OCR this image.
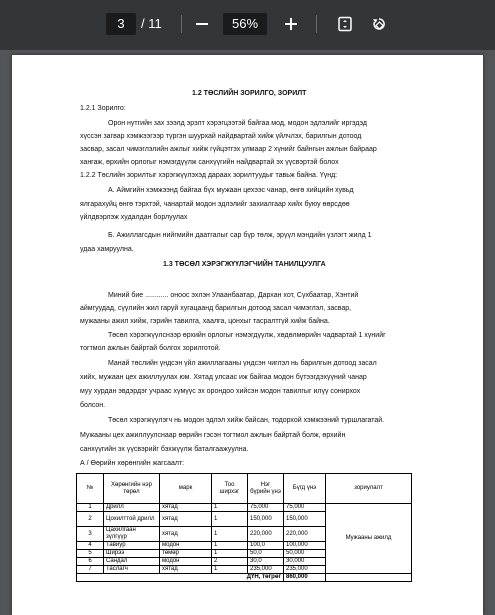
3	/ 11	56%
1.2 ТӨСЛИЙН ЗОРИЛГО, ЗОРИЛТ
1.2.1 Зорилго:
Орон нутгийн зах зээлд эрэлт хэрэгцээтэй байгаа мод, модон эдлэлийг иргэдэд
хүссэн загвар хэмжээгээр түргэн шуурхай найдвартай хийж үйлчлэх, барилгын дотоод
засвар, засал чимэглэлийн ажлыг хийж гүйцэтгэх улмаар 2 хүнийг байнгын ажлын байраар
хангаж, өрхийн орлогыг нэмэгдүүлж санхүүгийн найдвартай эх үүсвэртэй болох
1.2.2 Төслийн зорилтыг хэрэгжүүлэхэд дараах зорилтуудыг тавьж байна. Үүнд:
А. Аймгийн хэмжээнд байгаа бүх мужаан цехээс чанар, өнгө хийцийн хувьд
ялгарахуйц өнгө тэрхтэй, чанартай модон эдлэлийг захиалгаар хийх буюу өөрсдөө
үйлдвэрлэж худалдан борлуулах
Б. Ажиллагсдын нийгмийн даатгалыг сар бүр төлж, эрүүл мэндийн үзлэгт жилд 1
удаа хамруулна.
1.3 ТӨСӨЛ ХЭРЭГЖҮҮЛЭГЧИЙН ТАНИЛЦУУЛГА
Миний бие ............ оноос эхлэн Улаанбаатар, Дархан хот, Сүхбаатар, Хэнтий
аймгуудад, сүүлийн жил гаруй хугацаанд барилгын дотоод засал чимэглэл, засвар,
мужааны ажил хийж, гэрийн тавилга, хаалга, цонхыг тасралтгүй хийж байна.
Төсөл хэрэгжүүлснээр өрхийн орлогыг нэмэгдүүлж, хөдөлмөрийн чадвартай 1 хүнийг
тогтмол ажлын байртай болгох зорилготой.
Манай төслийн үндсэн үйл ажиллагааны үндсэн чиглэл нь барилгын дотоод засал
хийх, мужаан цех ажиллуулах юм. Хятад улсаас иж байгаа модон бүтээгдэхүүний чанар
муу хурдан эвдэрдэг учраас хүмүүс эх орондоо хийсэн модон тавилгыг илүү сонирхох
болсон.
Төсөл хэрэгжүүлэгч нь модон эдлэл хийж байсан, тодорхой хэмжээний туршлагатай.
Мужааны цех ажиллуулснаар өөрийн гэсэн тогтмол ажлын байртай болж, өрхийн
санхүүгийн эх үүсвэрийг бэхжүүлж баталгаажуулна.
А / Өөрийн хөрөнгийн жагсаалт:
№	Хөрөнгийн нэр төрөл	марк	Тоо ширхэг	Нэг бүрийн үнэ	Бүгд үнэ	зориулалт
1	Дрилл	хятад	1	75,000	75,000	Мужааны ажилд
2	Цохилттой дрилл	хятад	1	150,000	150,000	
3	Цахилгаан зүлгүүр	хятад	1	220,000	220,000	
4	Тавиур	модон	1	100,0	100,000	
5	Ширээ	төмөр	1	50,0	50,000	
6	Сандал	модон	2	30,0	30,000	
7	Таслагч	хятад	1	235,000	235,000	
ДҮН, төгрөг					860,000	
